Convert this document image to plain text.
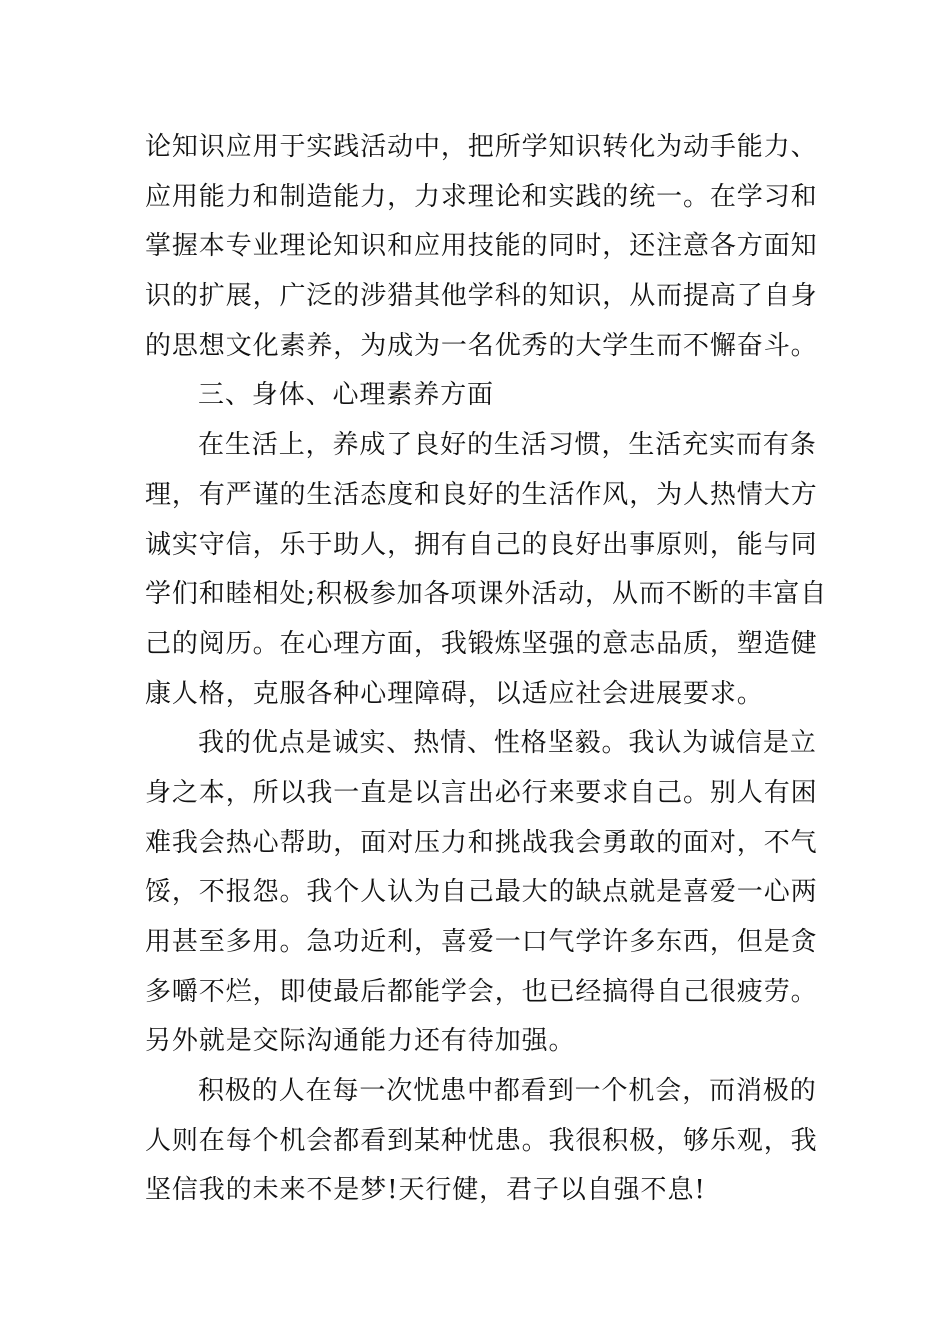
论知识应用于实践活动中，把所学知识转化为动手能力、
应用能力和制造能力，力求理论和实践的统一。在学习和
掌握本专业理论知识和应用技能的同时，还注意各方面知
识的扩展，广泛的涉猎其他学科的知识，从而提高了自身
的思想文化素养，为成为一名优秀的大学生而不懈奋斗。
三、身体、心理素养方面
在生活上，养成了良好的生活习惯，生活充实而有条
理，有严谨的生活态度和良好的生活作风，为人热情大方
诚实守信，乐于助人，拥有自己的良好出事原则，能与同
学们和睦相处;积极参加各项课外活动，从而不断的丰富自
己的阅历。在心理方面，我锻炼坚强的意志品质，塑造健
康人格，克服各种心理障碍，以适应社会进展要求。
我的优点是诚实、热情、性格坚毅。我认为诚信是立
身之本，所以我一直是以言出必行来要求自己。别人有困
难我会热心帮助，面对压力和挑战我会勇敢的面对，不气
馁，不报怨。我个人认为自己最大的缺点就是喜爱一心两
用甚至多用。急功近利，喜爱一口气学许多东西，但是贪
多嚼不烂，即使最后都能学会，也已经搞得自己很疲劳。
另外就是交际沟通能力还有待加强。
积极的人在每一次忧患中都看到一个机会，而消极的
人则在每个机会都看到某种忧患。我很积极，够乐观，我
坚信我的未来不是梦!天行健，君子以自强不息!
